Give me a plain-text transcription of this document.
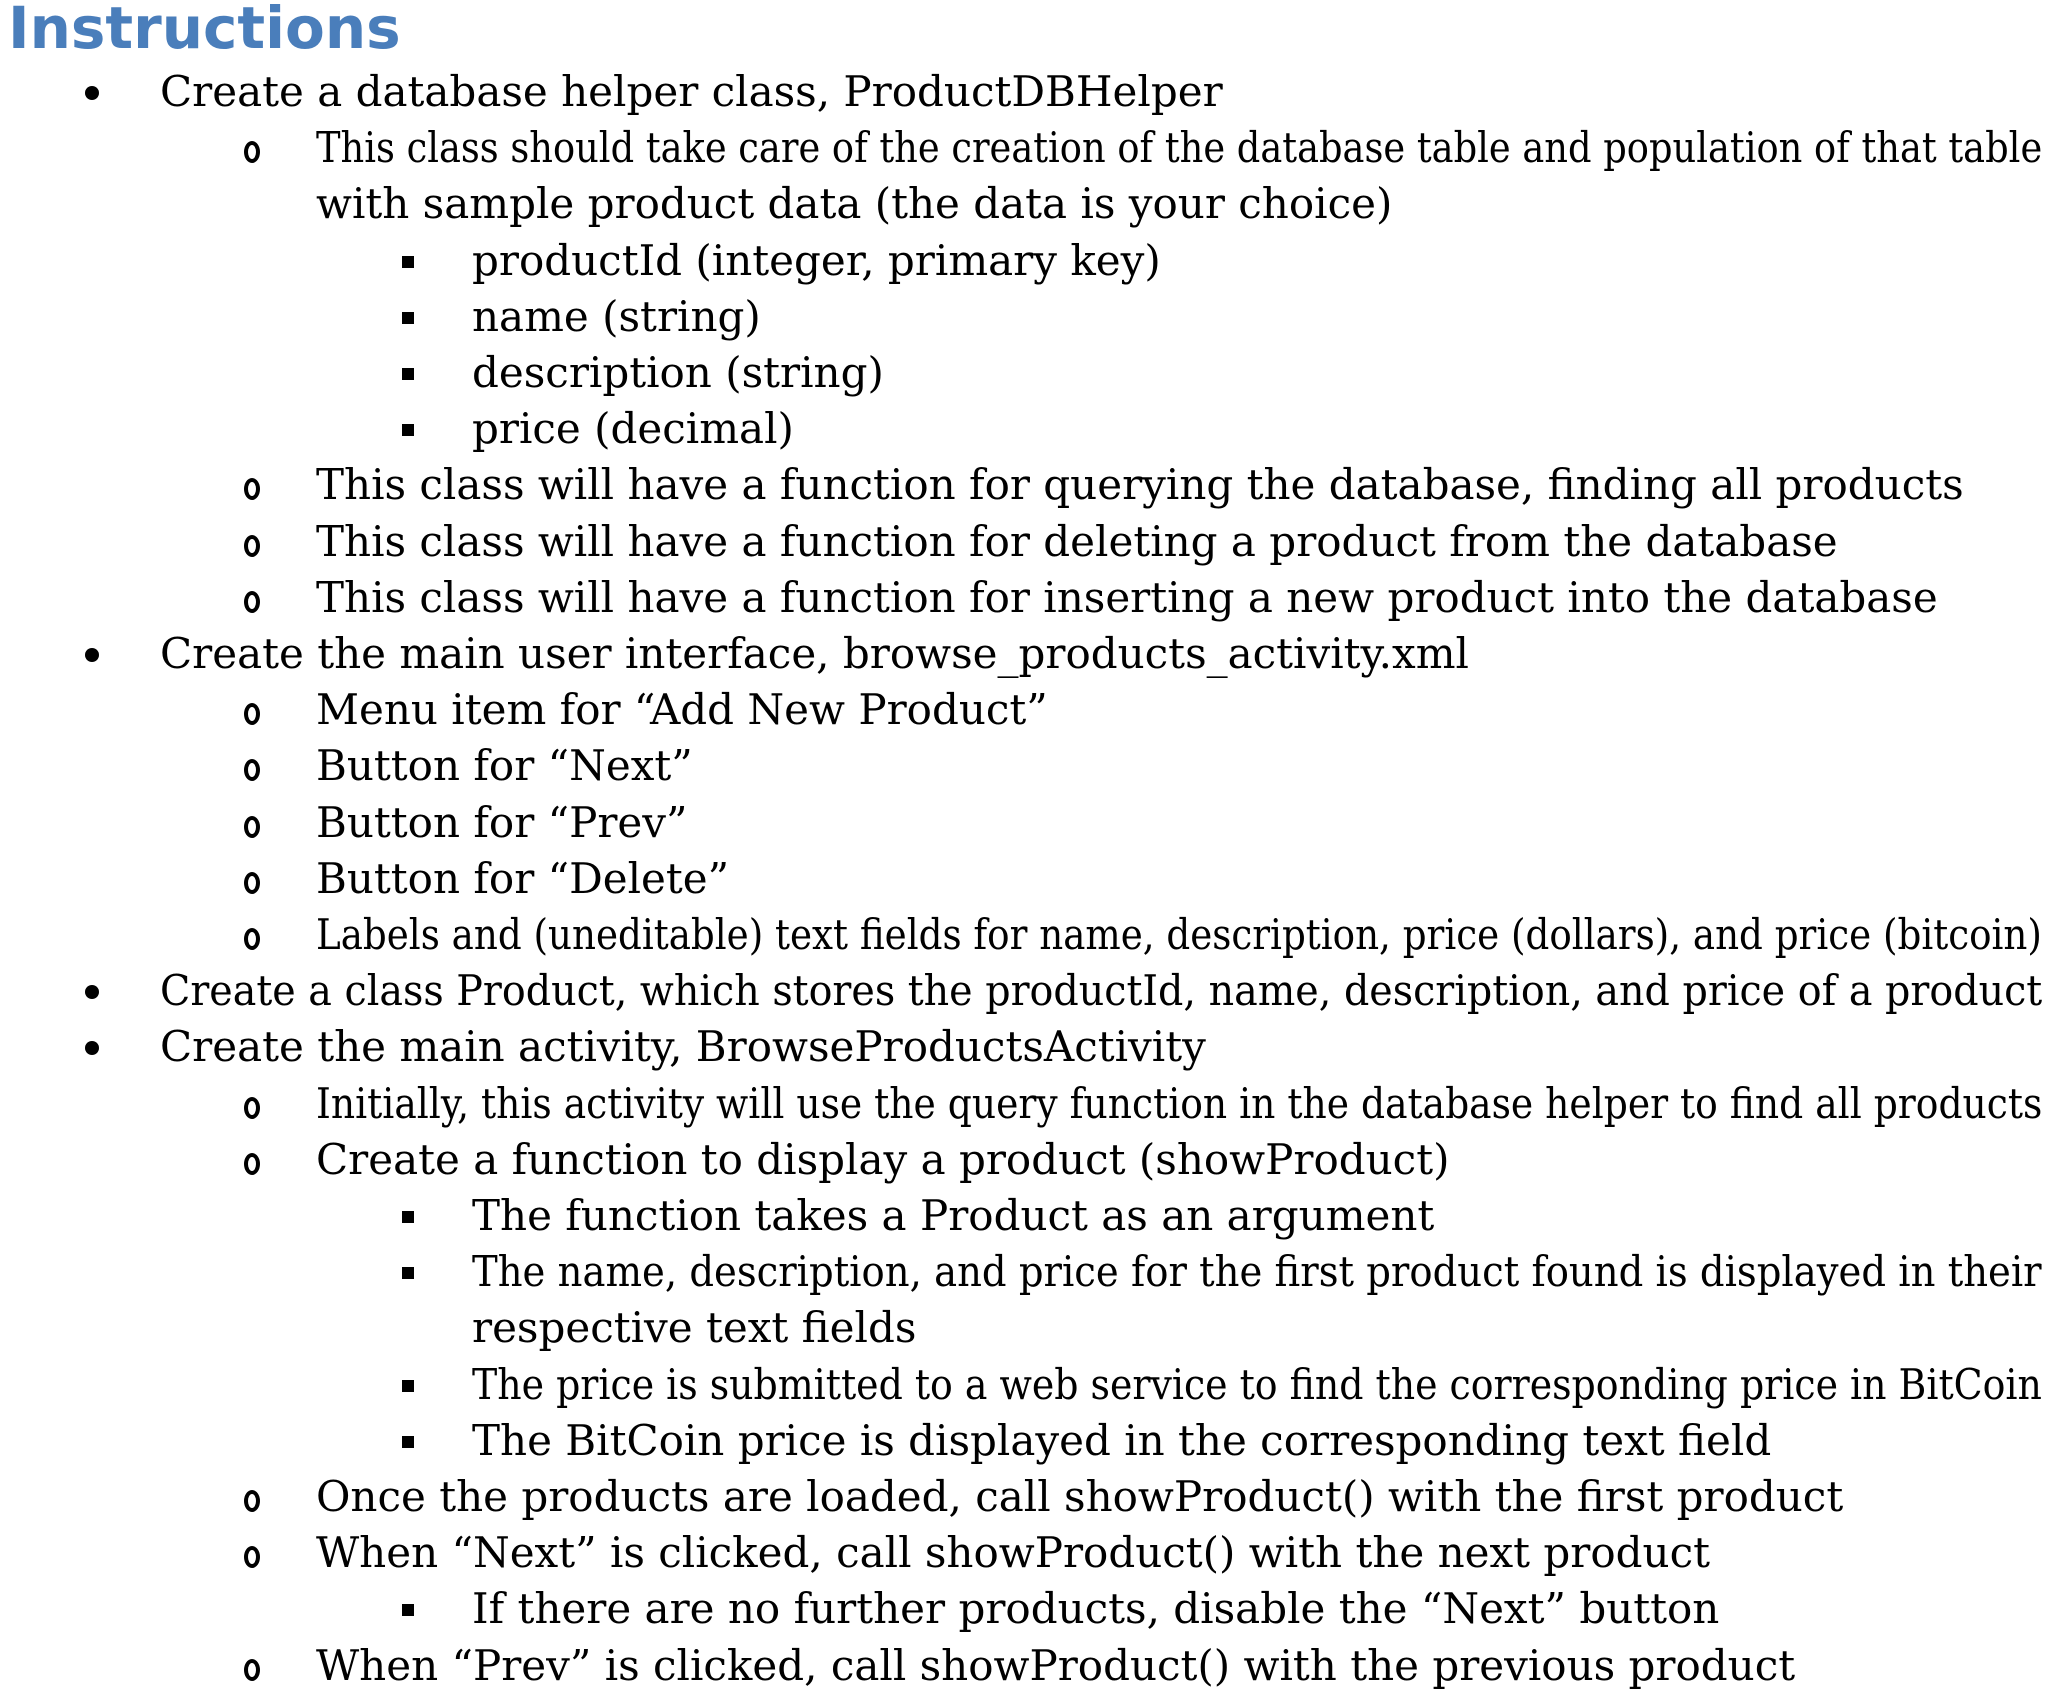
Instructions
Create a database helper class, ProductDBHelper
This class should take care of the creation of the database table and population of that table
with sample product data (the data is your choice)
productId (integer, primary key)
name (string)
description (string)
price (decimal)
This class will have a function for querying the database, finding all products
This class will have a function for deleting a product from the database
This class will have a function for inserting a new product into the database
Create the main user interface, browse_products_activity.xml
Menu item for “Add New Product”
Button for “Next”
Button for “Prev”
Button for “Delete”
Labels and (uneditable) text fields for name, description, price (dollars), and price (bitcoin)
Create a class Product, which stores the productId, name, description, and price of a product
Create the main activity, BrowseProductsActivity
Initially, this activity will use the query function in the database helper to find all products
Create a function to display a product (showProduct)
The function takes a Product as an argument
The name, description, and price for the first product found is displayed in their
respective text fields
The price is submitted to a web service to find the corresponding price in BitCoin
The BitCoin price is displayed in the corresponding text field
Once the products are loaded, call showProduct() with the first product
When “Next” is clicked, call showProduct() with the next product
If there are no further products, disable the “Next” button
When “Prev” is clicked, call showProduct() with the previous product
